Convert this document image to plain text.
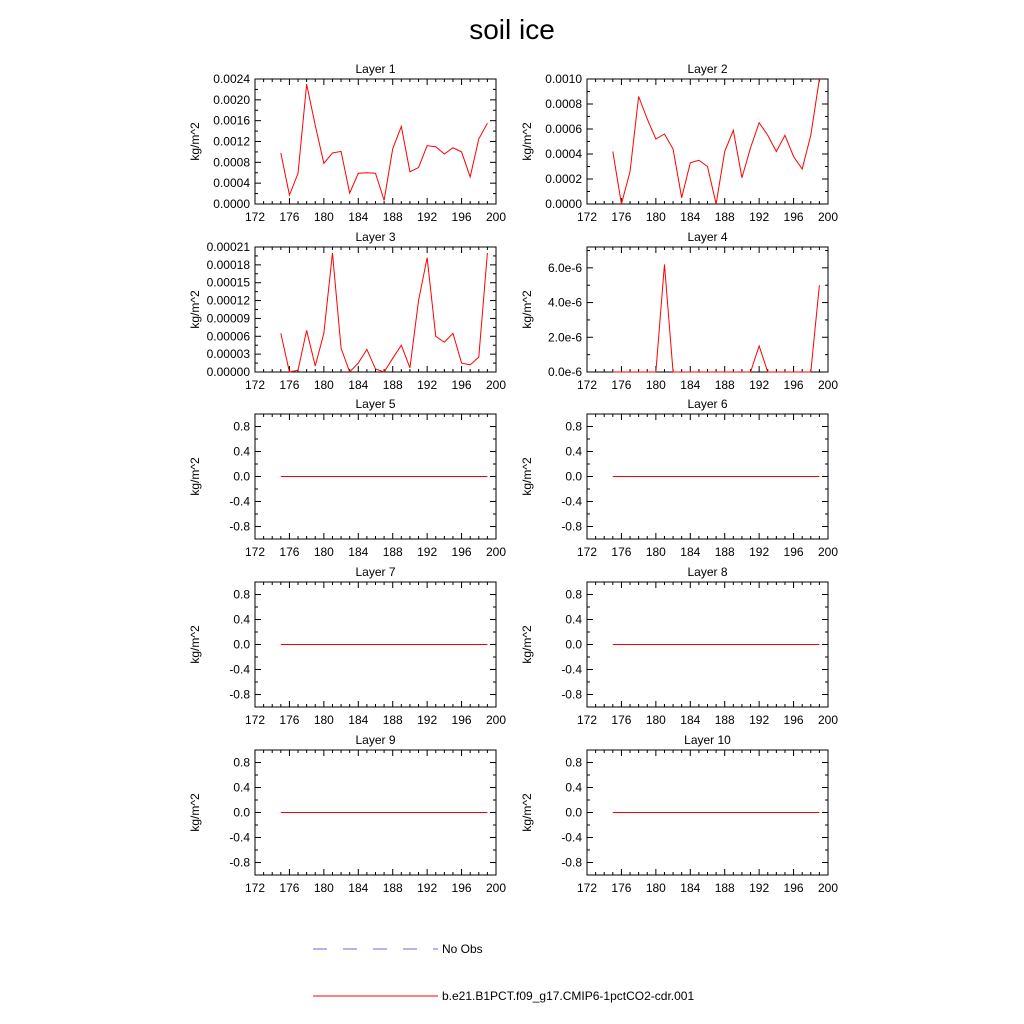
soil ice
Layer 1
kg/m^2
172 176 180 184 188 192 196 200
0.0000
0.0004
0.0008
0.0012
0.0016
0.0020
0.0024
Layer 2
kg/m^2
172 176 180 184 188 192 196 200
0.0000
0.0002
0.0004
0.0006
0.0008
0.0010
Layer 3
kg/m^2
172 176 180 184 188 192 196 200
0.00000
0.00003
0.00006
0.00009
0.00012
0.00015
0.00018
0.00021
Layer 4
kg/m^2
172 176 180 184 188 192 196 200
0.0e-6
2.0e-6
4.0e-6
6.0e-6
Layer 5
kg/m^2
172 176 180 184 188 192 196 200
-0.8
-0.4
0.0
0.4
0.8
Layer 6
kg/m^2
172 176 180 184 188 192 196 200
-0.8
-0.4
0.0
0.4
0.8
Layer 7
kg/m^2
172 176 180 184 188 192 196 200
-0.8
-0.4
0.0
0.4
0.8
Layer 8
kg/m^2
172 176 180 184 188 192 196 200
-0.8
-0.4
0.0
0.4
0.8
Layer 9
kg/m^2
172 176 180 184 188 192 196 200
-0.8
-0.4
0.0
0.4
0.8
Layer 10
kg/m^2
172 176 180 184 188 192 196 200
-0.8
-0.4
0.0
0.4
0.8
No Obs
b.e21.B1PCT.f09_g17.CMIP6-1pctCO2-cdr.001
